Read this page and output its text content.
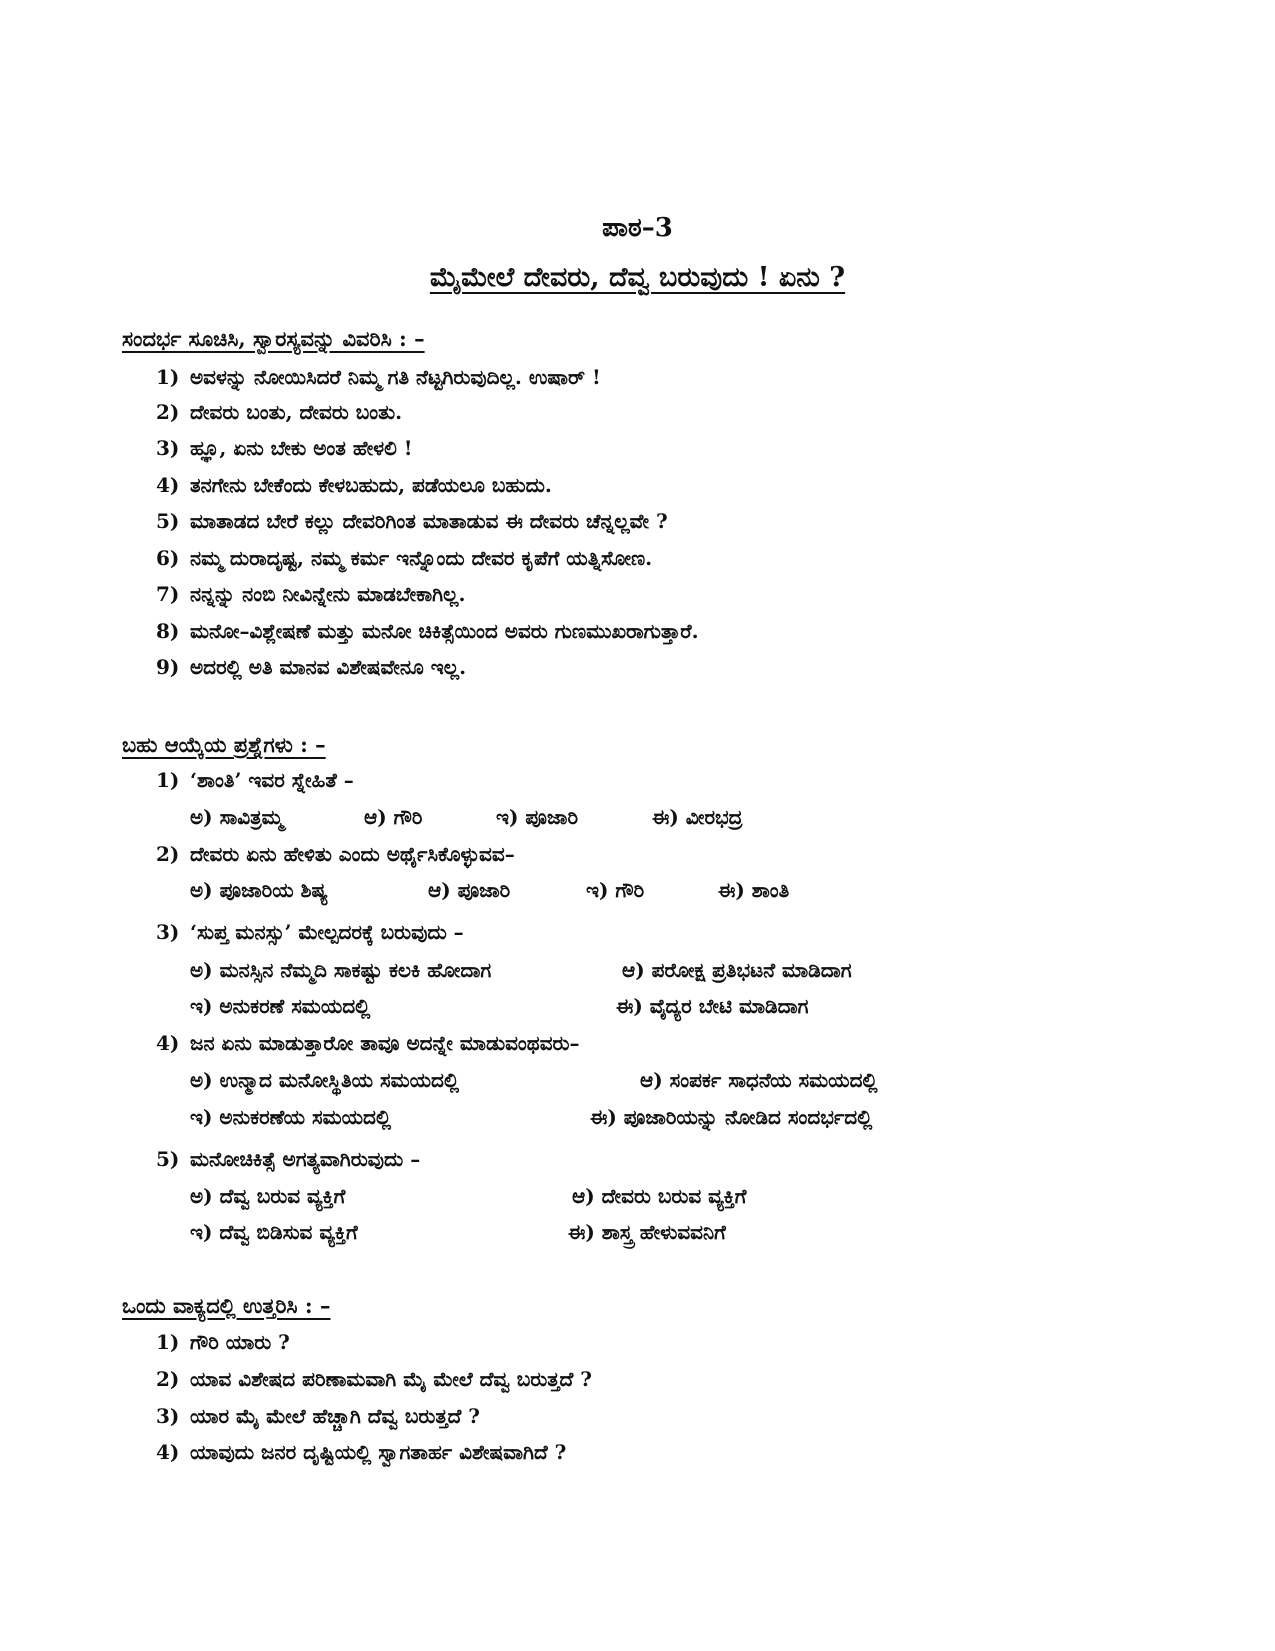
ಪಾಠ–3
ಮೈಮೇಲೆ ದೇವರು, ದೆವ್ವ ಬರುವುದು ! ಏನು ?
ಸಂದರ್ಭ ಸೂಚಿಸಿ, ಸ್ವಾರಸ್ಯವನ್ನು ವಿವರಿಸಿ : –
1) ಅವಳನ್ನು ನೋಯಿಸಿದರೆ ನಿಮ್ಮ ಗತಿ ನೆಟ್ಟಗಿರುವುದಿಲ್ಲ. ಉಷಾರ್ !
2) ದೇವರು ಬಂತು, ದೇವರು ಬಂತು.
3) ಹ್ಞೂ, ಏನು ಬೇಕು ಅಂತ ಹೇಳಲಿ !
4) ತನಗೇನು ಬೇಕೆಂದು ಕೇಳಬಹುದು, ಪಡೆಯಲೂ ಬಹುದು.
5) ಮಾತಾಡದ ಬೇರೆ ಕಲ್ಲು ದೇವರಿಗಿಂತ ಮಾತಾಡುವ ಈ ದೇವರು ಚೆನ್ನಲ್ಲವೇ ?
6) ನಮ್ಮ ದುರಾದೃಷ್ಟ, ನಮ್ಮ ಕರ್ಮ ಇನ್ನೊಂದು ದೇವರ ಕೃಪೆಗೆ ಯತ್ನಿಸೋಣ.
7) ನನ್ನನ್ನು ನಂಬಿ ನೀವಿನ್ನೇನು ಮಾಡಬೇಕಾಗಿಲ್ಲ.
8) ಮನೋ–ವಿಶ್ಲೇಷಣೆ ಮತ್ತು ಮನೋ ಚಿಕಿತ್ಸೆಯಿಂದ ಅವರು ಗುಣಮುಖರಾಗುತ್ತಾರೆ.
9) ಅದರಲ್ಲಿ ಅತಿ ಮಾನವ ವಿಶೇಷವೇನೂ ಇಲ್ಲ.
ಬಹು ಆಯ್ಕೆಯ ಪ್ರಶ್ನೆಗಳು : –
1) ‘ಶಾಂತಿ’ ಇವರ ಸ್ನೇಹಿತೆ –
ಅ) ಸಾವಿತ್ರಮ್ಮ	ಆ) ಗೌರಿ	ಇ) ಪೂಜಾರಿ	ಈ) ವೀರಭದ್ರ
2) ದೇವರು ಏನು ಹೇಳಿತು ಎಂದು ಅರ್ಥೈಸಿಕೊಳ್ಳುವವ–
ಅ) ಪೂಜಾರಿಯ ಶಿಷ್ಯ	ಆ) ಪೂಜಾರಿ	ಇ) ಗೌರಿ	ಈ) ಶಾಂತಿ
3) ‘ಸುಪ್ತ ಮನಸ್ಸು’ ಮೇಲ್ಪದರಕ್ಕೆ ಬರುವುದು –
ಅ) ಮನಸ್ಸಿನ ನೆಮ್ಮದಿ ಸಾಕಷ್ಟು ಕಲಕಿ ಹೋದಾಗ	ಆ) ಪರೋಕ್ಷ ಪ್ರತಿಭಟನೆ ಮಾಡಿದಾಗ
ಇ) ಅನುಕರಣೆ ಸಮಯದಲ್ಲಿ	ಈ) ವೈದ್ಯರ ಬೇಟಿ ಮಾಡಿದಾಗ
4) ಜನ ಏನು ಮಾಡುತ್ತಾರೋ ತಾವೂ ಅದನ್ನೇ ಮಾಡುವಂಥವರು–
ಅ) ಉನ್ಮಾದ ಮನೋಸ್ಥಿತಿಯ ಸಮಯದಲ್ಲಿ	ಆ) ಸಂಪರ್ಕ ಸಾಧನೆಯ ಸಮಯದಲ್ಲಿ
ಇ) ಅನುಕರಣೆಯ ಸಮಯದಲ್ಲಿ	ಈ) ಪೂಜಾರಿಯನ್ನು ನೋಡಿದ ಸಂದರ್ಭದಲ್ಲಿ
5) ಮನೋಚಿಕಿತ್ಸೆ ಅಗತ್ಯವಾಗಿರುವುದು –
ಅ) ದೆವ್ವ ಬರುವ ವ್ಯಕ್ತಿಗೆ	ಆ) ದೇವರು ಬರುವ ವ್ಯಕ್ತಿಗೆ
ಇ) ದೆವ್ವ ಬಿಡಿಸುವ ವ್ಯಕ್ತಿಗೆ	ಈ) ಶಾಸ್ತ್ರ ಹೇಳುವವನಿಗೆ
ಒಂದು ವಾಕ್ಯದಲ್ಲಿ ಉತ್ತರಿಸಿ : –
1) ಗೌರಿ ಯಾರು ?
2) ಯಾವ ವಿಶೇಷದ ಪರಿಣಾಮವಾಗಿ ಮೈ ಮೇಲೆ ದೆವ್ವ ಬರುತ್ತದೆ ?
3) ಯಾರ ಮೈ ಮೇಲೆ ಹೆಚ್ಚಾಗಿ ದೆವ್ವ ಬರುತ್ತದೆ ?
4) ಯಾವುದು ಜನರ ದೃಷ್ಟಿಯಲ್ಲಿ ಸ್ವಾಗತಾರ್ಹ ವಿಶೇಷವಾಗಿದೆ ?
